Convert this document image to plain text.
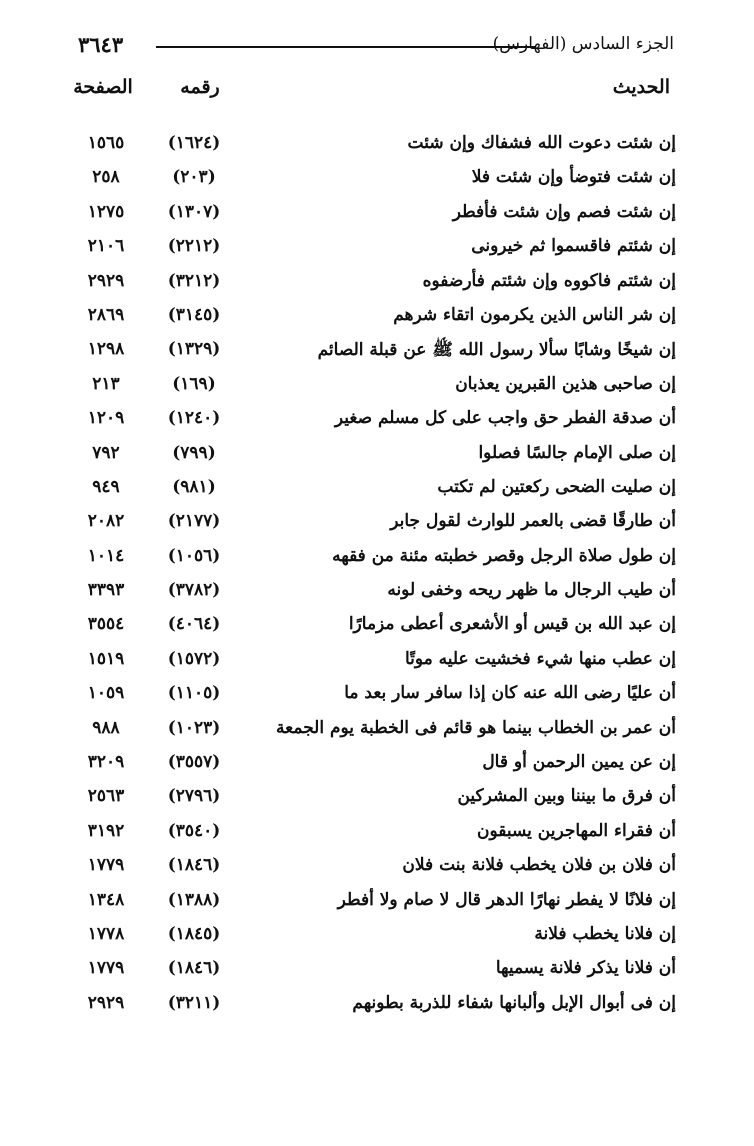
٣٦٤٣	الجزء السادس (الفهارس)
الصفحة	رقمه	الحديث
١٥٦٥	(١٦٢٤)	إن شئت دعوت الله فشفاك وإن شئت
٢٥٨	(٢٠٣)	إن شئت فتوضأ وإن شئت فلا
١٢٧٥	(١٣٠٧)	إن شئت فصم وإن شئت فأفطر
٢١٠٦	(٢٢١٢)	إن شئتم فاقسموا ثم خيرونى
٢٩٢٩	(٣٢١٢)	إن شئتم فاكووه وإن شئتم فأرضفوه
٢٨٦٩	(٣١٤٥)	إن شر الناس الذين يكرمون اتقاء شرهم
١٢٩٨	(١٣٢٩)	إن شيخًا وشابًا سألا رسول الله ﷺ عن قبلة الصائم
٢١٣	(١٦٩)	إن صاحبى هذين القبرين يعذبان
١٢٠٩	(١٢٤٠)	أن صدقة الفطر حق واجب على كل مسلم صغير
٧٩٢	(٧٩٩)	إن صلى الإمام جالسًا فصلوا
٩٤٩	(٩٨١)	إن صليت الضحى ركعتين لم تكتب
٢٠٨٢	(٢١٧٧)	أن طارقًا قضى بالعمر للوارث لقول جابر
١٠١٤	(١٠٥٦)	إن طول صلاة الرجل وقصر خطبته مئنة من فقهه
٣٣٩٣	(٣٧٨٢)	أن طيب الرجال ما ظهر ريحه وخفى لونه
٣٥٥٤	(٤٠٦٤)	إن عبد الله بن قيس أو الأشعرى أعطى مزمارًا
١٥١٩	(١٥٧٢)	إن عطب منها شيء فخشيت عليه موتًا
١٠٥٩	(١١٠٥)	أن عليًا رضى الله عنه كان إذا سافر سار بعد ما
٩٨٨	(١٠٢٣)	أن عمر بن الخطاب بينما هو قائم فى الخطبة يوم الجمعة
٣٢٠٩	(٣٥٥٧)	إن عن يمين الرحمن أو قال
٢٥٦٣	(٢٧٩٦)	أن فرق ما بيننا وبين المشركين
٣١٩٢	(٣٥٤٠)	أن فقراء المهاجرين يسبقون
١٧٧٩	(١٨٤٦)	أن فلان بن فلان يخطب فلانة بنت فلان
١٣٤٨	(١٣٨٨)	إن فلانًا لا يفطر نهارًا الدهر قال لا صام ولا أفطر
١٧٧٨	(١٨٤٥)	إن فلانا يخطب فلانة
١٧٧٩	(١٨٤٦)	أن فلانا يذكر فلانة يسميها
٢٩٢٩	(٣٢١١)	إن فى أبوال الإبل وألبانها شفاء للذربة بطونهم
